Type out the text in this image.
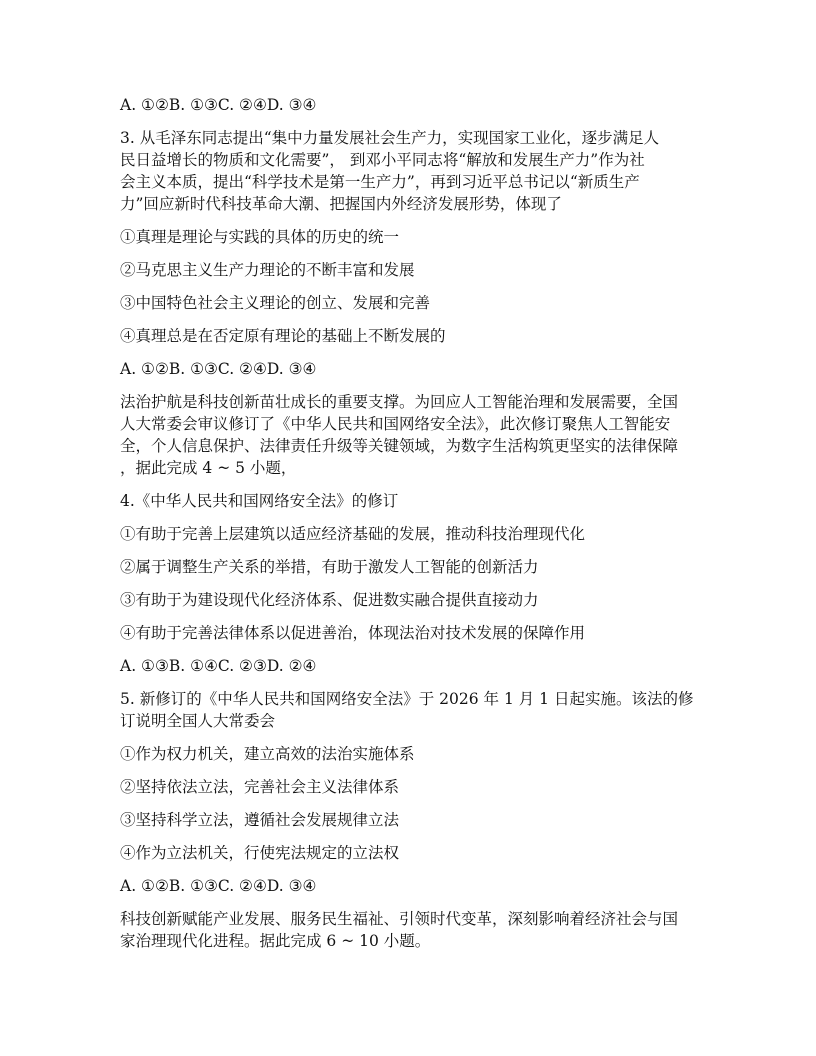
A. ①②B. ①③C. ②④D. ③④
3. 从毛泽东同志提出“集中力量发展社会生产力，实现国家工业化，逐步满足人
民日益增长的物质和文化需要”， 到邓小平同志将“解放和发展生产力”作为社
会主义本质，提出“科学技术是第一生产力”，再到习近平总书记以“新质生产
力”回应新时代科技革命大潮、把握国内外经济发展形势，体现了
①真理是理论与实践的具体的历史的统一
②马克思主义生产力理论的不断丰富和发展
③中国特色社会主义理论的创立、发展和完善
④真理总是在否定原有理论的基础上不断发展的
A. ①②B. ①③C. ②④D. ③④
法治护航是科技创新苗壮成长的重要支撑。为回应人工智能治理和发展需要，全国
人大常委会审议修订了《中华人民共和国网络安全法》，此次修订聚焦人工智能安
全，个人信息保护、法律责任升级等关键领域，为数字生活构筑更坚实的法律保障
，据此完成 4 ~ 5 小题，
4.《中华人民共和国网络安全法》的修订
①有助于完善上层建筑以适应经济基础的发展，推动科技治理现代化
②属于调整生产关系的举措，有助于激发人工智能的创新活力
③有助于为建设现代化经济体系、促进数实融合提供直接动力
④有助于完善法律体系以促进善治，体现法治对技术发展的保障作用
A. ①③B. ①④C. ②③D. ②④
5. 新修订的《中华人民共和国网络安全法》于 2026 年 1 月 1 日起实施。该法的修
订说明全国人大常委会
①作为权力机关，建立高效的法治实施体系
②坚持依法立法，完善社会主义法律体系
③坚持科学立法，遵循社会发展规律立法
④作为立法机关，行使宪法规定的立法权
A. ①②B. ①③C. ②④D. ③④
科技创新赋能产业发展、服务民生福祉、引领时代变革，深刻影响着经济社会与国
家治理现代化进程。据此完成 6 ~ 10 小题。
